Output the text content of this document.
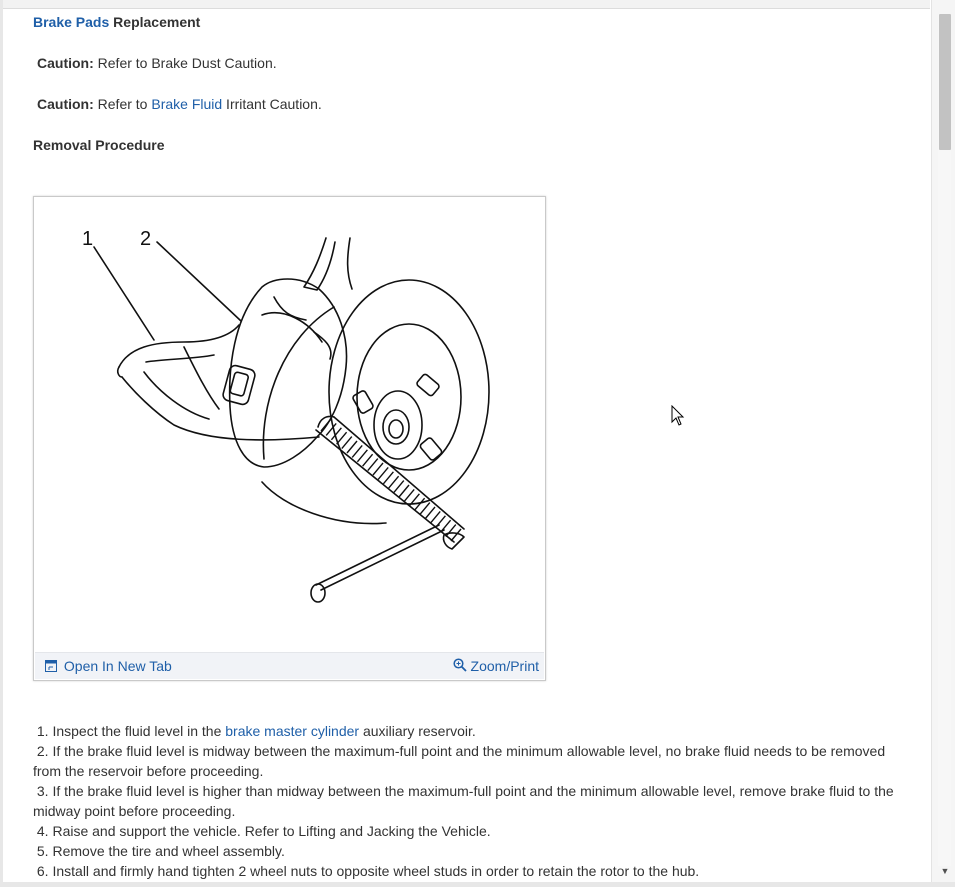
Brake Pads Replacement
Caution: Refer to Brake Dust Caution.
Caution: Refer to Brake Fluid Irritant Caution.
Removal Procedure
1 2
Open In New Tab	Zoom/Print
1. Inspect the fluid level in the brake master cylinder auxiliary reservoir.
2. If the brake fluid level is midway between the maximum-full point and the minimum allowable level, no brake fluid needs to be removed from the reservoir before proceeding.
3. If the brake fluid level is higher than midway between the maximum-full point and the minimum allowable level, remove brake fluid to the midway point before proceeding.
4. Raise and support the vehicle. Refer to Lifting and Jacking the Vehicle.
5. Remove the tire and wheel assembly.
6. Install and firmly hand tighten 2 wheel nuts to opposite wheel studs in order to retain the rotor to the hub.	▼
